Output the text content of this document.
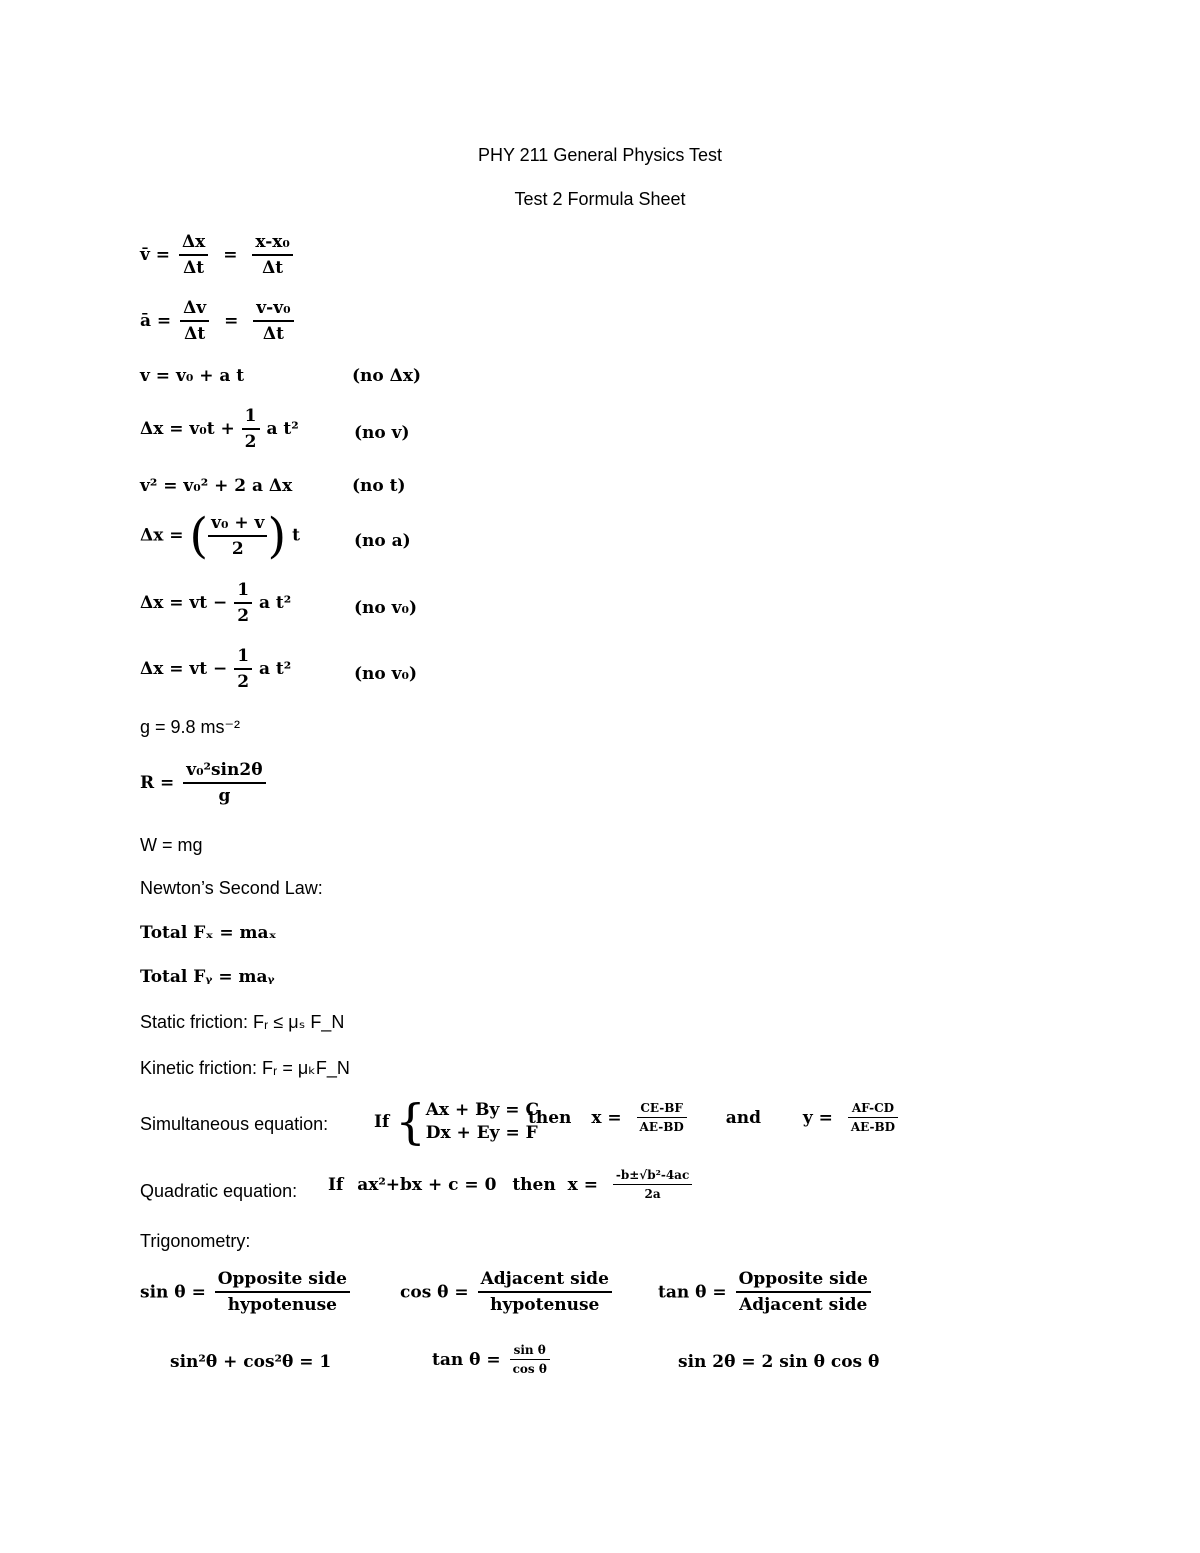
PHY 211 General Physics Test
Test 2 Formula Sheet
v̄ = $\frac{\Delta x}{\Delta t} = \frac{\text{x-x₀}}{\Delta t}$
ā = $\frac{\Delta v}{\Delta t} = \frac{\text{v-v₀}}{\Delta t}$
v = v₀ + a t	(no Δx)
$\Delta x = v_0t + \frac{1}{2}$ a t²	(no v)
v² = v₀² + 2 a Δx	(no t)
Δx = ( $\frac{\text{v₀ + v}}{2}$ ) t	(no a)
Δx = vt − $\frac{1}{2}$ a t²	(no v₀)
Δx = vt − $\frac{1}{2}$ a t²	(no v₀)
g = 9.8 ms⁻²
$R = \frac{\text{v₀²sin2θ}}{g}$
W = mg
Newton’s Second Law:
Total Fₓ = maₓ
Total Fᵧ = maᵧ
Static friction: Fᵣ ≤ μₛ F_N
Kinetic friction: Fᵣ = μₖF_N
Simultaneous equation:	If { Ax + By = C
Dx + Ey = F
then $x = \frac{CE-BF}{AE-BD}$ and $y = \frac{AF-CD}{AE-BD}$
Quadratic equation: If ax²+bx + c = 0 then $x = \frac{\text{-b±√b²-4ac}}{2a}$
Trigonometry:
$\sin \theta = \frac{\text{Opposite side}}{\text{hypotenuse}}$	$\cos \theta = \frac{\text{Adjacent side}}{\text{hypotenuse}}$	$\tan \theta = \frac{\text{Opposite side}}{\text{Adjacent side}}$
sin²θ + cos²θ = 1	$\tan \theta = \frac{\text{sin θ}}{\text{cos θ}}$	sin 2θ = 2 sin θ cos θ
